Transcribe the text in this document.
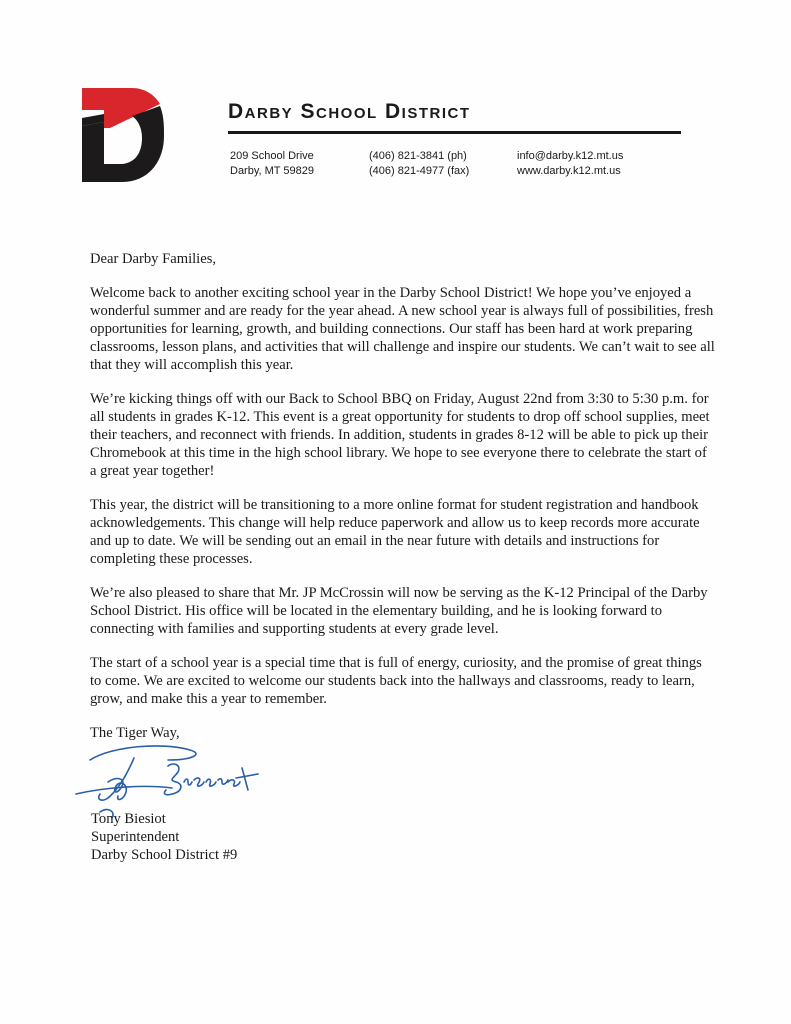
Darby School District
209 School Drive
Darby, MT 59829
(406) 821-3841 (ph)
(406) 821-4977 (fax)
info@darby.k12.mt.us
www.darby.k12.mt.us

Dear Darby Families,

Welcome back to another exciting school year in the Darby School District! We hope you’ve enjoyed a wonderful summer and are ready for the year ahead. A new school year is always full of possibilities, fresh opportunities for learning, growth, and building connections. Our staff has been hard at work preparing classrooms, lesson plans, and activities that will challenge and inspire our students. We can’t wait to see all that they will accomplish this year.

We’re kicking things off with our Back to School BBQ on Friday, August 22nd from 3:30 to 5:30 p.m. for all students in grades K-12. This event is a great opportunity for students to drop off school supplies, meet their teachers, and reconnect with friends. In addition, students in grades 8-12 will be able to pick up their Chromebook at this time in the high school library. We hope to see everyone there to celebrate the start of a great year together!

This year, the district will be transitioning to a more online format for student registration and handbook acknowledgements. This change will help reduce paperwork and allow us to keep records more accurate and up to date. We will be sending out an email in the near future with details and instructions for completing these processes.

We’re also pleased to share that Mr. JP McCrossin will now be serving as the K-12 Principal of the Darby School District. His office will be located in the elementary building, and he is looking forward to connecting with families and supporting students at every grade level.

The start of a school year is a special time that is full of energy, curiosity, and the promise of great things to come. We are excited to welcome our students back into the hallways and classrooms, ready to learn, grow, and make this a year to remember.

The Tiger Way,

Tony Biesiot
Superintendent
Darby School District #9
